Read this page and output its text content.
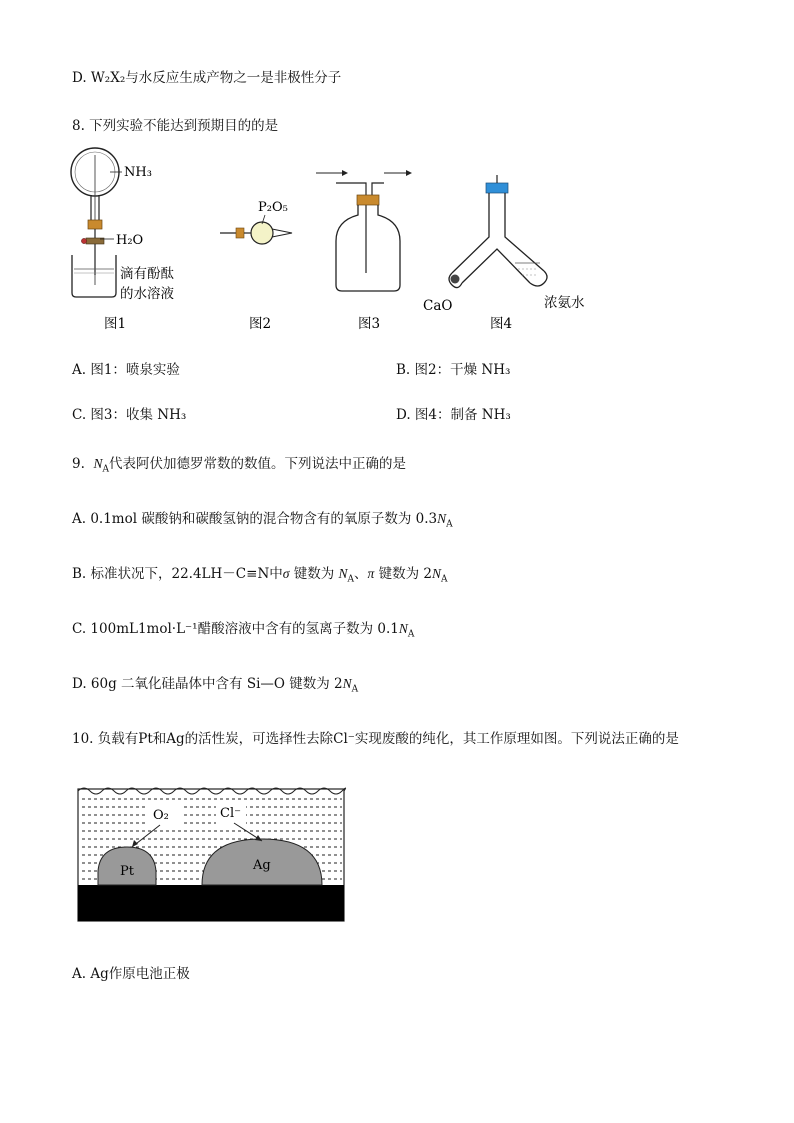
D. W₂X₂与水反应生成产物之一是非极性分子
8. 下列实验不能达到预期目的的是
NH₃
H₂O
滴有酚酞
的水溶液
图1
P₂O₅
图2	图3
CaO	浓氨水
图4
A. 图1：喷泉实验	B. 图2：干燥 NH₃
C. 图3：收集 NH₃	D. 图4：制备 NH₃
9. $N_A$代表阿伏加德罗常数的数值。下列说法中正确的是
A. 0.1mol 碳酸钠和碳酸氢钠的混合物含有的氧原子数为 $0.3N_A$
B. 标准状况下，22.4LH－C≡N中σ 键数为 $N_A$、π 键数为 $2N_A$
C. 100mL1mol·L⁻¹醋酸溶液中含有的氢离子数为 $0.1N_A$
D. 60g 二氧化硅晶体中含有 Si—O 键数为 $2N_A$
10. 负载有Pt和Ag的活性炭，可选择性去除Cl⁻实现废酸的纯化，其工作原理如图。下列说法正确的是
O₂	Cl⁻
Pt	Ag
A. Ag作原电池正极
